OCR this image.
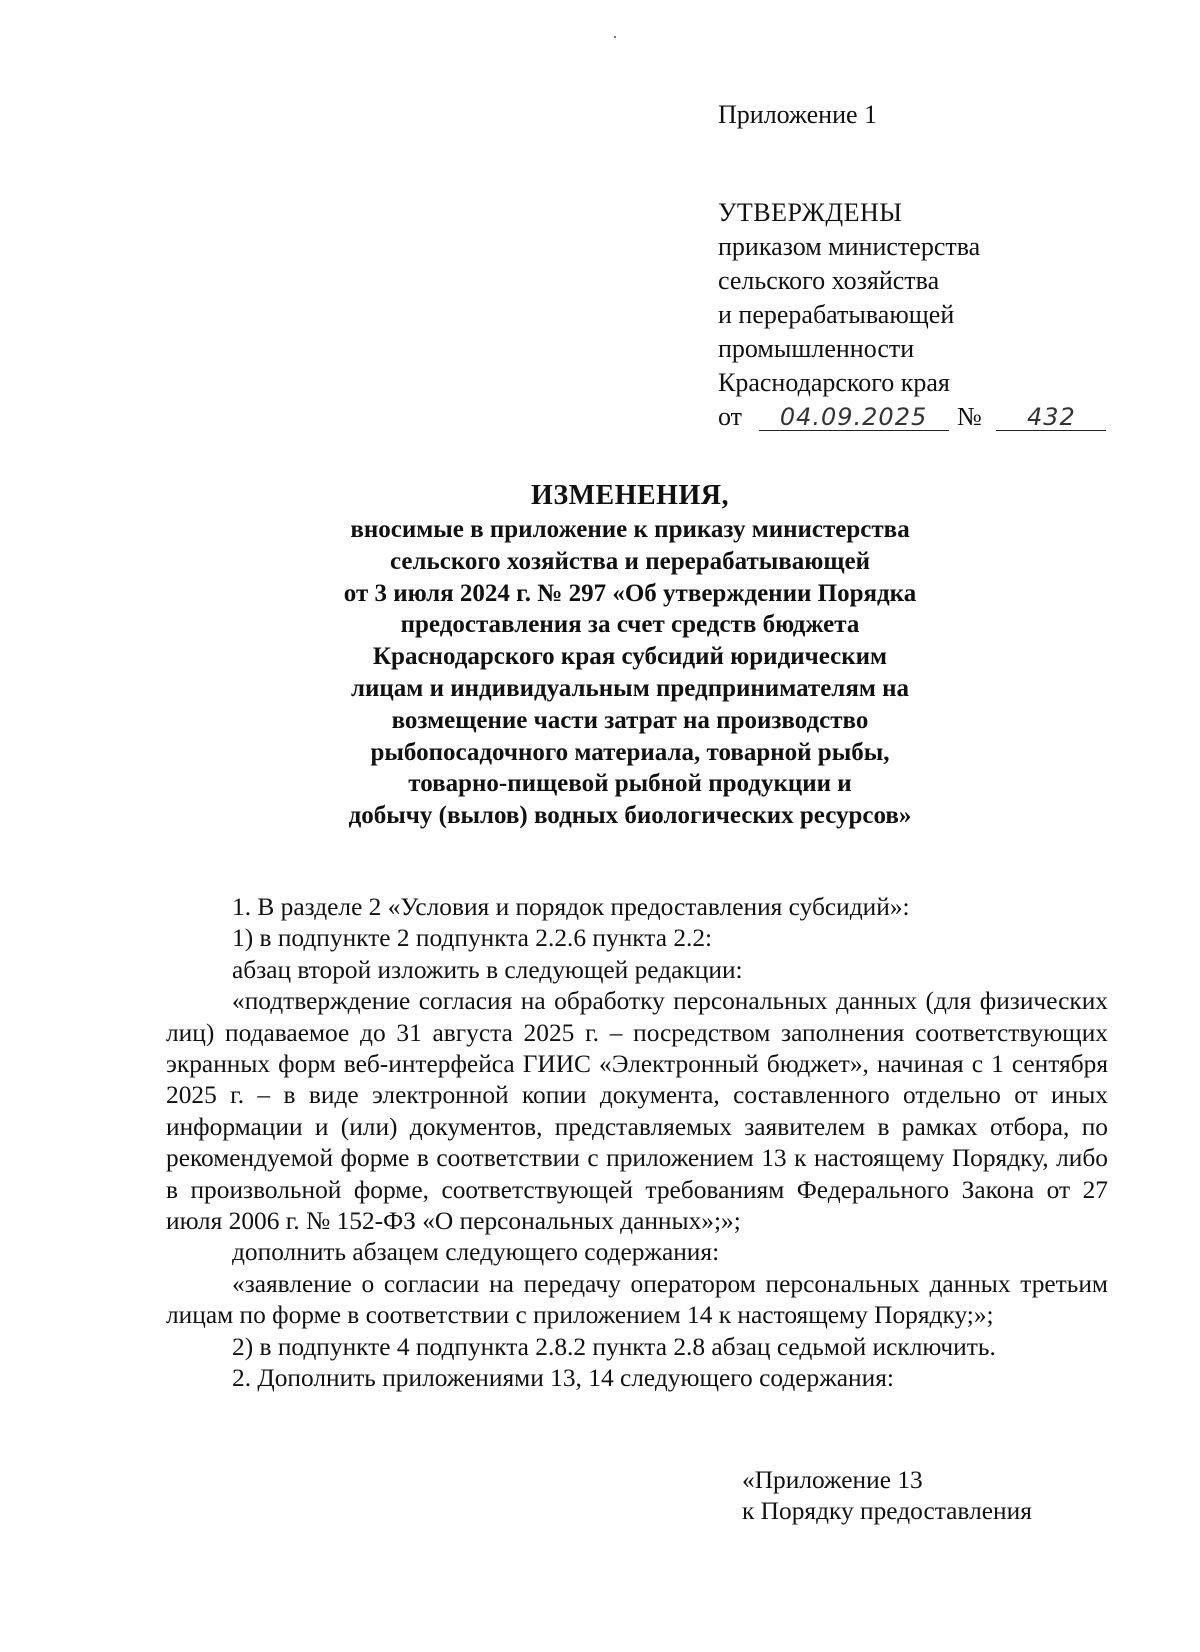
Приложение 1
УТВЕРЖДЕНЫ
приказом министерства
сельского хозяйства
и перерабатывающей
промышленности
Краснодарского края
от 04.09.2025 № 432
ИЗМЕНЕНИЯ,
вносимые в приложение к приказу министерства
сельского хозяйства и перерабатывающей
от 3 июля 2024 г. № 297 «Об утверждении Порядка
предоставления за счет средств бюджета
Краснодарского края субсидий юридическим
лицам и индивидуальным предпринимателям на
возмещение части затрат на производство
рыбопосадочного материала, товарной рыбы,
товарно-пищевой рыбной продукции и
добычу (вылов) водных биологических ресурсов»

1. В разделе 2 «Условия и порядок предоставления субсидий»:

1) в подпункте 2 подпункта 2.2.6 пункта 2.2:

абзац второй изложить в следующей редакции:

«подтверждение согласия на обработку персональных данных (для физических лиц) подаваемое до 31 августа 2025 г. – посредством заполнения соответствующих экранных форм веб-интерфейса ГИИС «Электронный бюджет», начиная с 1 сентября 2025 г. – в виде электронной копии документа, составленного отдельно от иных информации и (или) документов, представляемых заявителем в рамках отбора, по рекомендуемой форме в соответствии с приложением 13 к настоящему Порядку, либо в произвольной форме, соответствующей требованиям Федерального Закона от 27 июля 2006 г. № 152-ФЗ «О персональных данных»;»;

дополнить абзацем следующего содержания:

«заявление о согласии на передачу оператором персональных данных третьим лицам по форме в соответствии с приложением 14 к настоящему Порядку;»;

2) в подпункте 4 подпункта 2.8.2 пункта 2.8 абзац седьмой исключить.

2. Дополнить приложениями 13, 14 следующего содержания:

«Приложение 13
к Порядку предоставления
